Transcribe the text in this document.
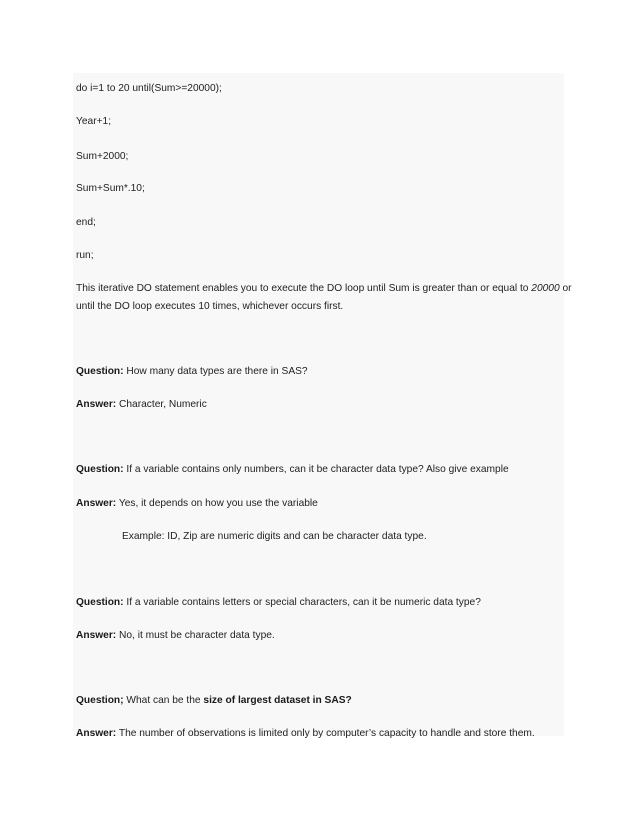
do i=1 to 20 until(Sum>=20000);
Year+1;
Sum+2000;
Sum+Sum*.10;
end;
run;
This iterative DO statement enables you to execute the DO loop until Sum is greater than or equal to 20000 or
until the DO loop executes 10 times, whichever occurs first.
Question: How many data types are there in SAS?
Answer: Character, Numeric
Question: If a variable contains only numbers, can it be character data type? Also give example
Answer: Yes, it depends on how you use the variable
Example: ID, Zip are numeric digits and can be character data type.
Question: If a variable contains letters or special characters, can it be numeric data type?
Answer: No, it must be character data type.
Question; What can be the size of largest dataset in SAS?
Answer: The number of observations is limited only by computer’s capacity to handle and store them.
